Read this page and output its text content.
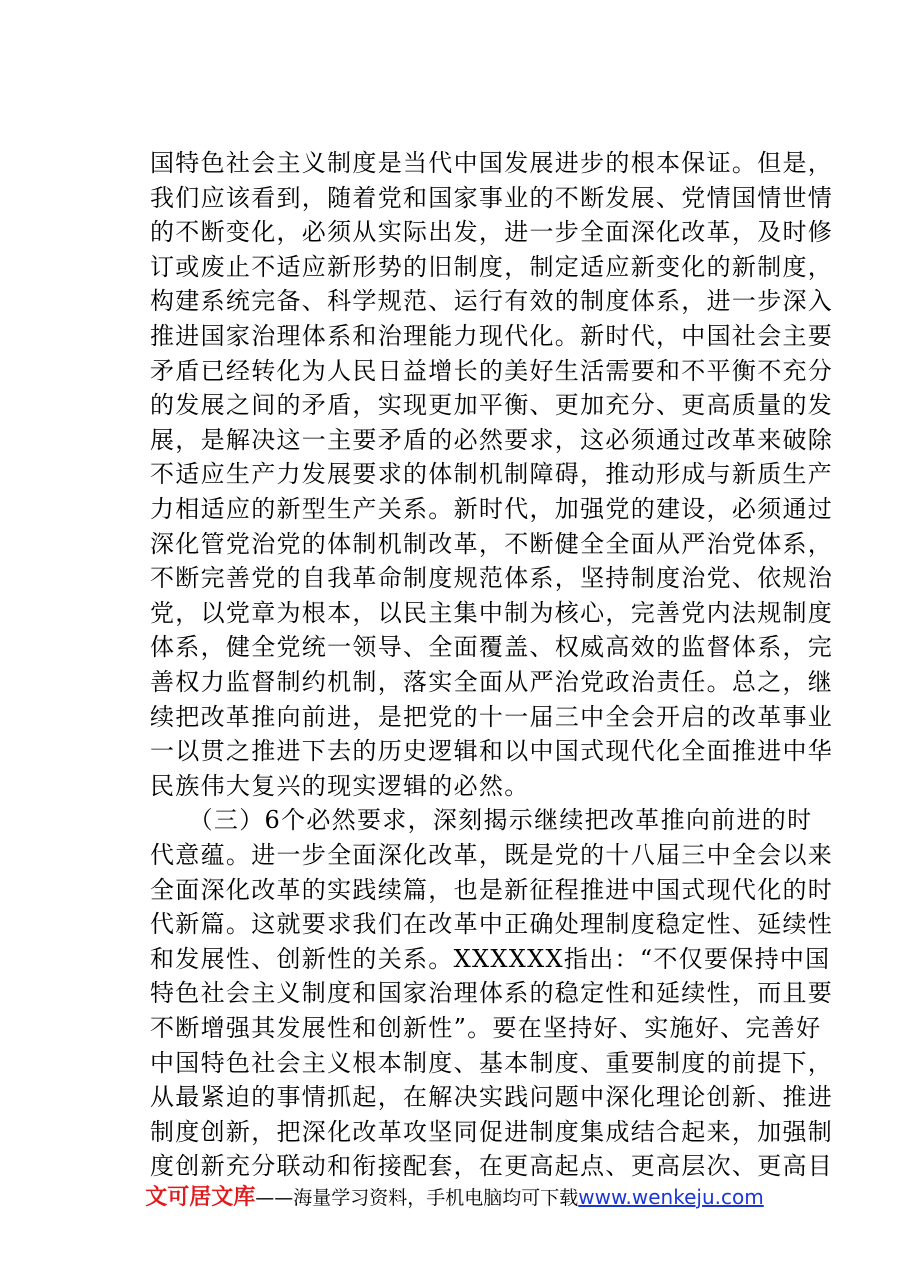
国特色社会主义制度是当代中国发展进步的根本保证。但是，
我们应该看到，随着党和国家事业的不断发展、党情国情世情
的不断变化，必须从实际出发，进一步全面深化改革，及时修
订或废止不适应新形势的旧制度，制定适应新变化的新制度，
构建系统完备、科学规范、运行有效的制度体系，进一步深入
推进国家治理体系和治理能力现代化。新时代，中国社会主要
矛盾已经转化为人民日益增长的美好生活需要和不平衡不充分
的发展之间的矛盾，实现更加平衡、更加充分、更高质量的发
展，是解决这一主要矛盾的必然要求，这必须通过改革来破除
不适应生产力发展要求的体制机制障碍，推动形成与新质生产
力相适应的新型生产关系。新时代，加强党的建设，必须通过
深化管党治党的体制机制改革，不断健全全面从严治党体系，
不断完善党的自我革命制度规范体系，坚持制度治党、依规治
党，以党章为根本，以民主集中制为核心，完善党内法规制度
体系，健全党统一领导、全面覆盖、权威高效的监督体系，完
善权力监督制约机制，落实全面从严治党政治责任。总之，继
续把改革推向前进，是把党的十一届三中全会开启的改革事业
一以贯之推进下去的历史逻辑和以中国式现代化全面推进中华
民族伟大复兴的现实逻辑的必然。
　　（三）6个必然要求，深刻揭示继续把改革推向前进的时
代意蕴。进一步全面深化改革，既是党的十八届三中全会以来
全面深化改革的实践续篇，也是新征程推进中国式现代化的时
代新篇。这就要求我们在改革中正确处理制度稳定性、延续性
和发展性、创新性的关系。XXXXXX指出：“不仅要保持中国
特色社会主义制度和国家治理体系的稳定性和延续性，而且要
不断增强其发展性和创新性”。要在坚持好、实施好、完善好
中国特色社会主义根本制度、基本制度、重要制度的前提下，
从最紧迫的事情抓起，在解决实践问题中深化理论创新、推进
制度创新，把深化改革攻坚同促进制度集成结合起来，加强制
度创新充分联动和衔接配套，在更高起点、更高层次、更高目
文可居文库——海量学习资料，手机电脑均可下载www.wenkeju.com
